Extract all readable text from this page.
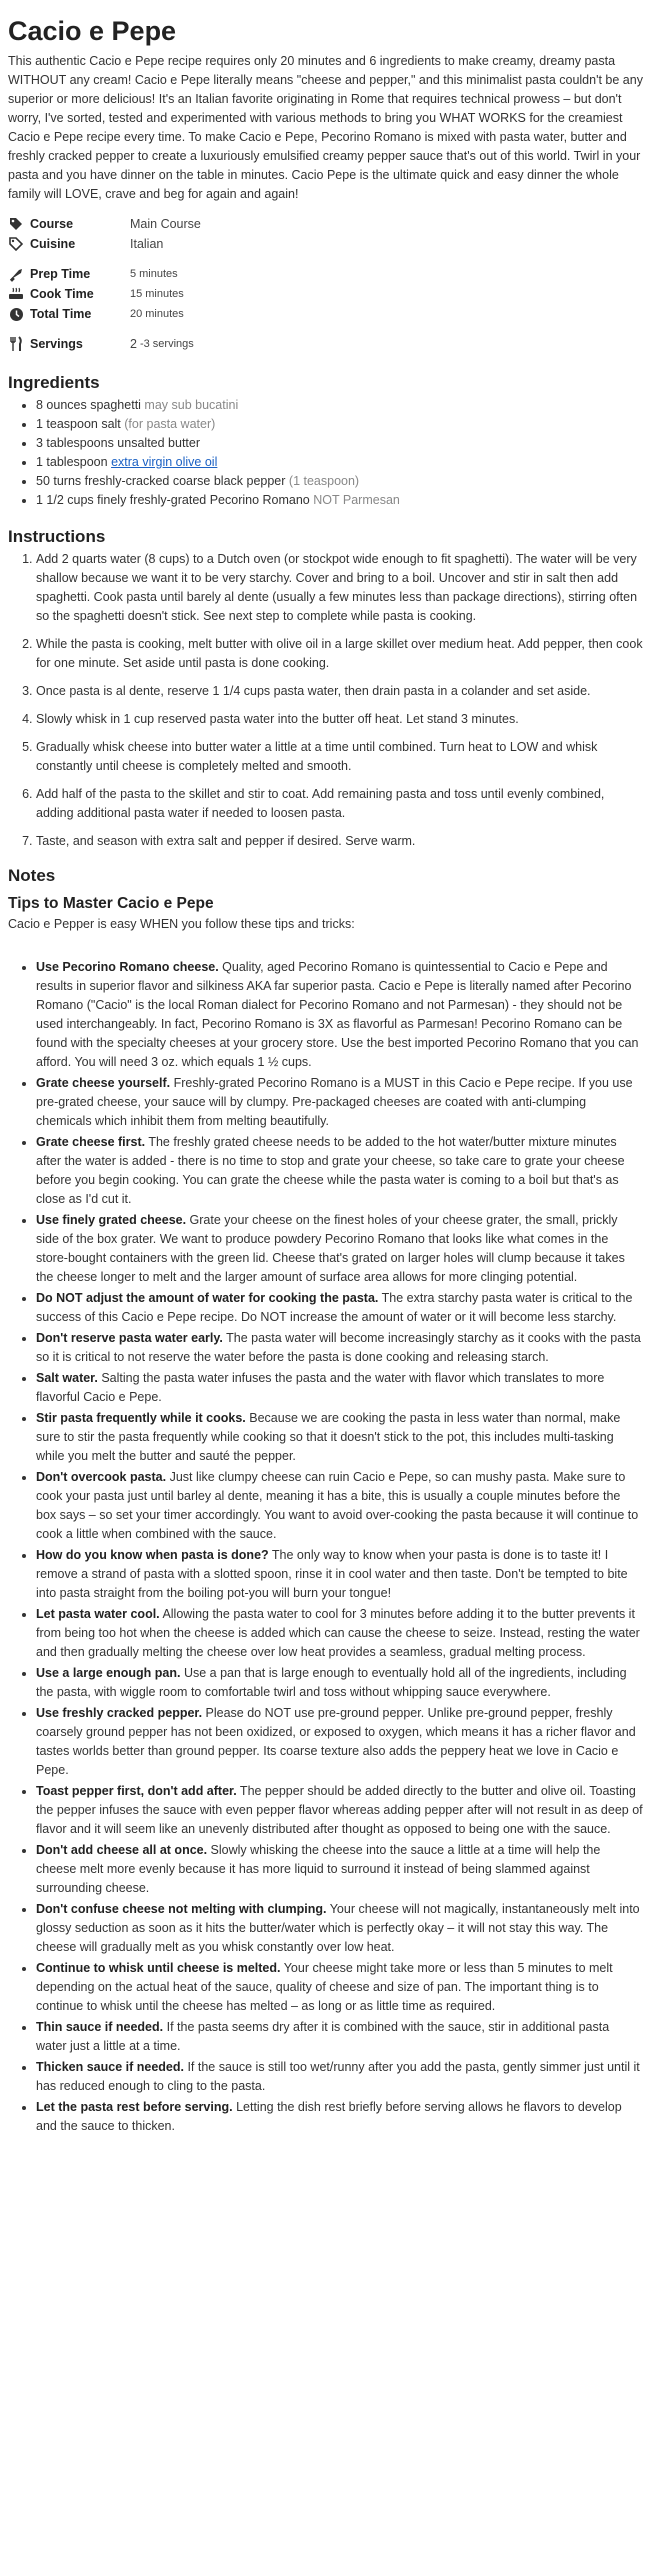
Cacio e Pepe

This authentic Cacio e Pepe recipe requires only 20 minutes and 6 ingredients to make creamy, dreamy pasta WITHOUT any cream! Cacio e Pepe literally means "cheese and pepper," and this minimalist pasta couldn't be any superior or more delicious! It's an Italian favorite originating in Rome that requires technical prowess – but don't worry, I've sorted, tested and experimented with various methods to bring you WHAT WORKS for the creamiest Cacio e Pepe recipe every time. To make Cacio e Pepe, Pecorino Romano is mixed with pasta water, butter and freshly cracked pepper to create a luxuriously emulsified creamy pepper sauce that's out of this world. Twirl in your pasta and you have dinner on the table in minutes. Cacio Pepe is the ultimate quick and easy dinner the whole family will LOVE, crave and beg for again and again!

Course	Main Course
Cuisine	Italian
Prep Time	5 minutes
Cook Time	15 minutes
Total Time	20 minutes
Servings	2 -3 servings
Ingredients
• 8 ounces spaghetti may sub bucatini
• 1 teaspoon salt (for pasta water)
• 3 tablespoons unsalted butter
• 1 tablespoon extra virgin olive oil
• 50 turns freshly-cracked coarse black pepper (1 teaspoon)
• 1 1/2 cups finely freshly-grated Pecorino Romano NOT Parmesan
Instructions
1. Add 2 quarts water (8 cups) to a Dutch oven (or stockpot wide enough to fit spaghetti). The water will be very shallow because we want it to be very starchy. Cover and bring to a boil. Uncover and stir in salt then add spaghetti. Cook pasta until barely al dente (usually a few minutes less than package directions), stirring often so the spaghetti doesn't stick. See next step to complete while pasta is cooking.
2. While the pasta is cooking, melt butter with olive oil in a large skillet over medium heat. Add pepper, then cook for one minute. Set aside until pasta is done cooking.
3. Once pasta is al dente, reserve 1 1/4 cups pasta water, then drain pasta in a colander and set aside.
4. Slowly whisk in 1 cup reserved pasta water into the butter off heat. Let stand 3 minutes.
5. Gradually whisk cheese into butter water a little at a time until combined. Turn heat to LOW and whisk constantly until cheese is completely melted and smooth.
6. Add half of the pasta to the skillet and stir to coat. Add remaining pasta and toss until evenly combined, adding additional pasta water if needed to loosen pasta.
7. Taste, and season with extra salt and pepper if desired. Serve warm.
Notes
Tips to Master Cacio e Pepe

Cacio e Pepper is easy WHEN you follow these tips and tricks:

• Use Pecorino Romano cheese. Quality, aged Pecorino Romano is quintessential to Cacio e Pepe and results in superior flavor and silkiness AKA far superior pasta. Cacio e Pepe is literally named after Pecorino Romano ("Cacio" is the local Roman dialect for Pecorino Romano and not Parmesan) - they should not be used interchangeably. In fact, Pecorino Romano is 3X as flavorful as Parmesan! Pecorino Romano can be found with the specialty cheeses at your grocery store. Use the best imported Pecorino Romano that you can afford. You will need 3 oz. which equals 1 ½ cups.
• Grate cheese yourself. Freshly-grated Pecorino Romano is a MUST in this Cacio e Pepe recipe. If you use pre-grated cheese, your sauce will by clumpy. Pre-packaged cheeses are coated with anti-clumping chemicals which inhibit them from melting beautifully.
• Grate cheese first. The freshly grated cheese needs to be added to the hot water/butter mixture minutes after the water is added - there is no time to stop and grate your cheese, so take care to grate your cheese before you begin cooking. You can grate the cheese while the pasta water is coming to a boil but that's as close as I'd cut it.
• Use finely grated cheese. Grate your cheese on the finest holes of your cheese grater, the small, prickly side of the box grater. We want to produce powdery Pecorino Romano that looks like what comes in the store-bought containers with the green lid. Cheese that's grated on larger holes will clump because it takes the cheese longer to melt and the larger amount of surface area allows for more clinging potential.
• Do NOT adjust the amount of water for cooking the pasta. The extra starchy pasta water is critical to the success of this Cacio e Pepe recipe. Do NOT increase the amount of water or it will become less starchy.
• Don't reserve pasta water early. The pasta water will become increasingly starchy as it cooks with the pasta so it is critical to not reserve the water before the pasta is done cooking and releasing starch.
• Salt water. Salting the pasta water infuses the pasta and the water with flavor which translates to more flavorful Cacio e Pepe.
• Stir pasta frequently while it cooks. Because we are cooking the pasta in less water than normal, make sure to stir the pasta frequently while cooking so that it doesn't stick to the pot, this includes multi-tasking while you melt the butter and sauté the pepper.
• Don't overcook pasta. Just like clumpy cheese can ruin Cacio e Pepe, so can mushy pasta. Make sure to cook your pasta just until barley al dente, meaning it has a bite, this is usually a couple minutes before the box says – so set your timer accordingly. You want to avoid over-cooking the pasta because it will continue to cook a little when combined with the sauce.
• How do you know when pasta is done? The only way to know when your pasta is done is to taste it! I remove a strand of pasta with a slotted spoon, rinse it in cool water and then taste. Don't be tempted to bite into pasta straight from the boiling pot-you will burn your tongue!
• Let pasta water cool. Allowing the pasta water to cool for 3 minutes before adding it to the butter prevents it from being too hot when the cheese is added which can cause the cheese to seize. Instead, resting the water and then gradually melting the cheese over low heat provides a seamless, gradual melting process.
• Use a large enough pan. Use a pan that is large enough to eventually hold all of the ingredients, including the pasta, with wiggle room to comfortable twirl and toss without whipping sauce everywhere.
• Use freshly cracked pepper. Please do NOT use pre-ground pepper. Unlike pre-ground pepper, freshly coarsely ground pepper has not been oxidized, or exposed to oxygen, which means it has a richer flavor and tastes worlds better than ground pepper. Its coarse texture also adds the peppery heat we love in Cacio e Pepe.
• Toast pepper first, don't add after. The pepper should be added directly to the butter and olive oil. Toasting the pepper infuses the sauce with even pepper flavor whereas adding pepper after will not result in as deep of flavor and it will seem like an unevenly distributed after thought as opposed to being one with the sauce.
• Don't add cheese all at once. Slowly whisking the cheese into the sauce a little at a time will help the cheese melt more evenly because it has more liquid to surround it instead of being slammed against surrounding cheese.
• Don't confuse cheese not melting with clumping. Your cheese will not magically, instantaneously melt into glossy seduction as soon as it hits the butter/water which is perfectly okay – it will not stay this way. The cheese will gradually melt as you whisk constantly over low heat.
• Continue to whisk until cheese is melted. Your cheese might take more or less than 5 minutes to melt depending on the actual heat of the sauce, quality of cheese and size of pan. The important thing is to continue to whisk until the cheese has melted – as long or as little time as required.
• Thin sauce if needed. If the pasta seems dry after it is combined with the sauce, stir in additional pasta water just a little at a time.
• Thicken sauce if needed. If the sauce is still too wet/runny after you add the pasta, gently simmer just until it has reduced enough to cling to the pasta.
• Let the pasta rest before serving. Letting the dish rest briefly before serving allows he flavors to develop and the sauce to thicken.
